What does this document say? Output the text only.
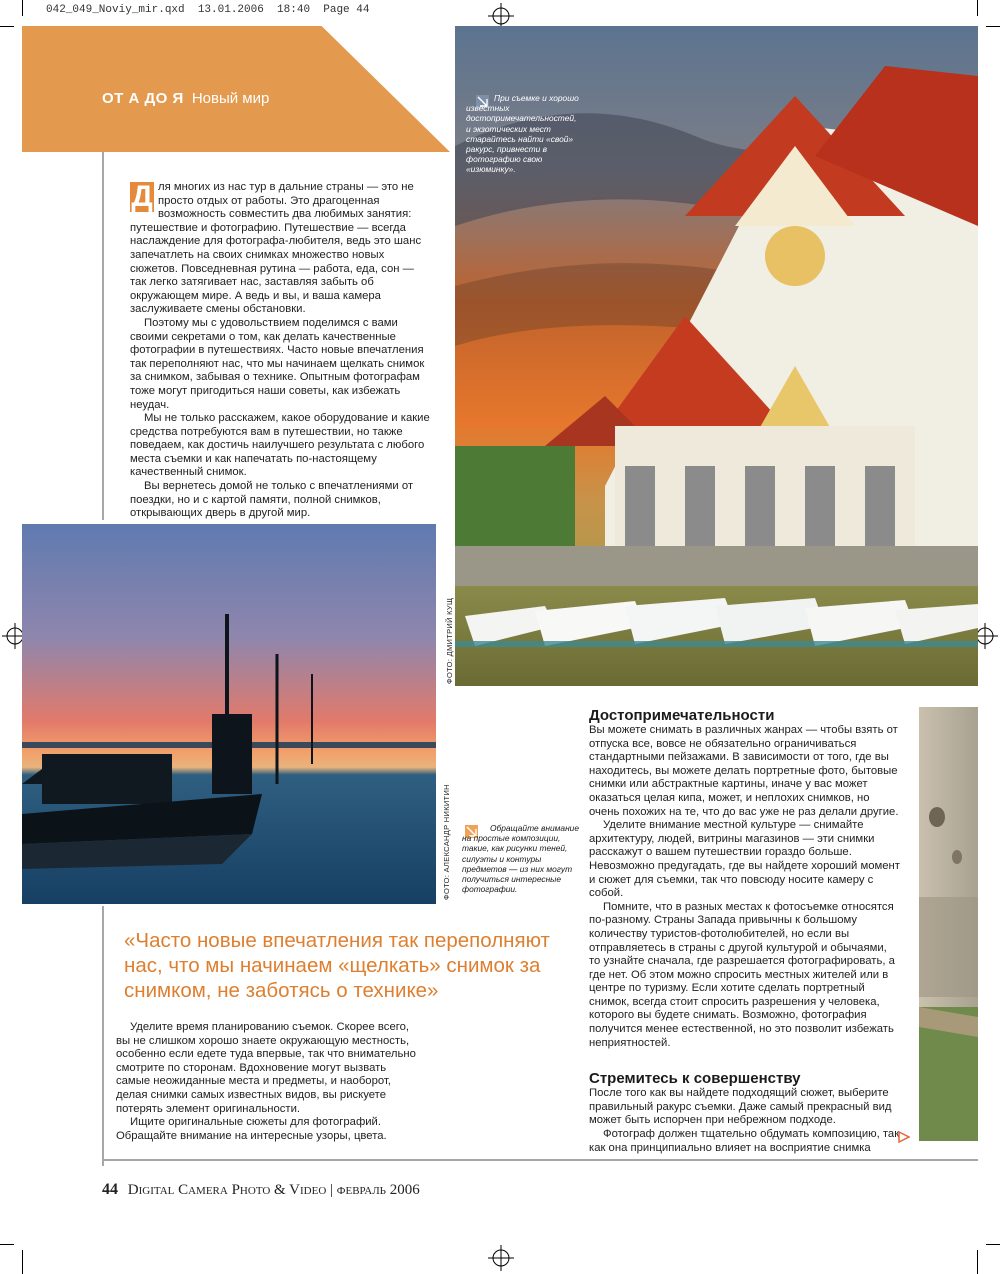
042_049_Noviy_mir.qxd  13.01.2006  18:40  Page 44
ОТ А ДО Я Новый мир	При съемке и хорошо известных достопримечательностей, и экзотических мест старайтесь найти «свой» ракурс, привнести в фотографию свою «изюминку».
ФОТО: ДМИТРИЙ КУЩ

Д ля многих из нас тур в дальние страны — это не просто отдых от работы. Это драгоценная возможность совместить два любимых занятия: путешествие и фотографию. Путешествие — всегда наслаждение для фотографа-любителя, ведь это шанс запечатлеть на своих снимках множество новых сюжетов. Повседневная рутина — работа, еда, сон — так легко затягивает нас, заставляя забыть об окружающем мире. А ведь и вы, и ваша камера заслуживаете смены обстановки.

Поэтому мы с удовольствием поделимся с вами своими секретами о том, как делать качественные фотографии в путешествиях. Часто новые впечатления так переполняют нас, что мы начинаем щелкать снимок за снимком, забывая о технике. Опытным фотографам тоже могут пригодиться наши советы, как избежать неудач.

Мы не только расскажем, какое оборудование и какие средства потребуются вам в путешествии, но также поведаем, как достичь наилучшего результата с любого места съемки и как напечатать по-настоящему качественный снимок.

Вы вернетесь домой не только с впечатлениями от поездки, но и с картой памяти, полной снимков, открывающих дверь в другой мир.

ФОТО: АЛЕКСАНДР НИКИТИН	Обращайте внимание на простые композиции, такие, как рисунки теней, силуэты и контуры предметов — из них могут получиться интересные фотографии.
«Часто новые впечатления так переполняют нас, что мы начинаем «щелкать» снимок за снимком, не заботясь о технике»

Уделите время планированию съемок. Скорее всего, вы не слишком хорошо знаете окружающую местность, особенно если едете туда впервые, так что внимательно смотрите по сторонам. Вдохновение могут вызвать самые неожиданные места и предметы, и наоборот, делая снимки самых известных видов, вы рискуете потерять элемент оригинальности.

Ищите оригинальные сюжеты для фотографий. Обращайте внимание на интересные узоры, цвета.

Достопримечательности

Вы можете снимать в различных жанрах — чтобы взять от отпуска все, вовсе не обязательно ограничиваться стандартными пейзажами. В зависимости от того, где вы находитесь, вы можете делать портретные фото, бытовые снимки или абстрактные картины, иначе у вас может оказаться целая кипа, может, и неплохих снимков, но очень похожих на те, что до вас уже не раз делали другие.

Уделите внимание местной культуре — снимайте архитектуру, людей, витрины магазинов — эти снимки расскажут о вашем путешествии гораздо больше. Невозможно предугадать, где вы найдете хороший момент и сюжет для съемки, так что повсюду носите камеру с собой.

Помните, что в разных местах к фотосъемке относятся по-разному. Страны Запада привычны к большому количеству туристов-фотолюбителей, но если вы отправляетесь в страны с другой культурой и обычаями, то узнайте сначала, где разрешается фотографировать, а где нет. Об этом можно спросить местных жителей или в центре по туризму. Если хотите сделать портретный снимок, всегда стоит спросить разрешения у человека, которого вы будете снимать. Возможно, фотография получится менее естественной, но это позволит избежать неприятностей.

Стремитесь к совершенству

После того как вы найдете подходящий сюжет, выберите правильный ракурс съемки. Даже самый прекрасный вид может быть испорчен при небрежном подходе.

Фотограф должен тщательно обдумать композицию, так как она принципиально влияет на восприятие снимка

44 Digital Camera Photo & Video | февраль 2006
